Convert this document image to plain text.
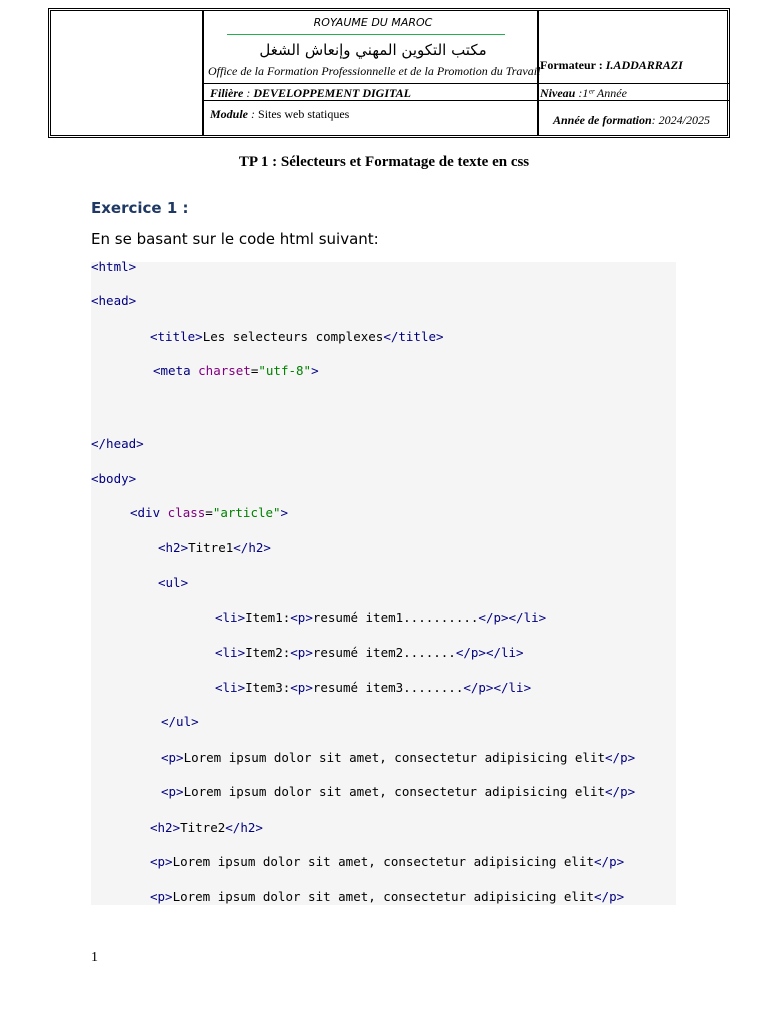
ROYAUME DU MAROC
مكتب التكوين المهني وإنعاش الشغل
Office de la Formation Professionnelle et de la Promotion du Travail Formateur : I.ADDARRAZI
Filière : DEVELOPPEMENT DIGITAL	Niveau :1ᵉʳ Année
Module : Sites web statiques	Année de formation: 2024/2025
TP 1 : Sélecteurs et Formatage de texte en css
Exercice 1 :
En se basant sur le code html suivant:
<html>
<head>
<title>Les selecteurs complexes</title>
<meta charset="utf-8">
</head>
<body>
<div class="article">
<h2>Titre1</h2>
<ul>
<li>Item1:<p>resumé item1..........</p></li>
<li>Item2:<p>resumé item2.......</p></li>
<li>Item3:<p>resumé item3........</p></li>
</ul>
<p>Lorem ipsum dolor sit amet, consectetur adipisicing elit</p>
<p>Lorem ipsum dolor sit amet, consectetur adipisicing elit</p>
<h2>Titre2</h2>
<p>Lorem ipsum dolor sit amet, consectetur adipisicing elit</p>
<p>Lorem ipsum dolor sit amet, consectetur adipisicing elit</p>
1
